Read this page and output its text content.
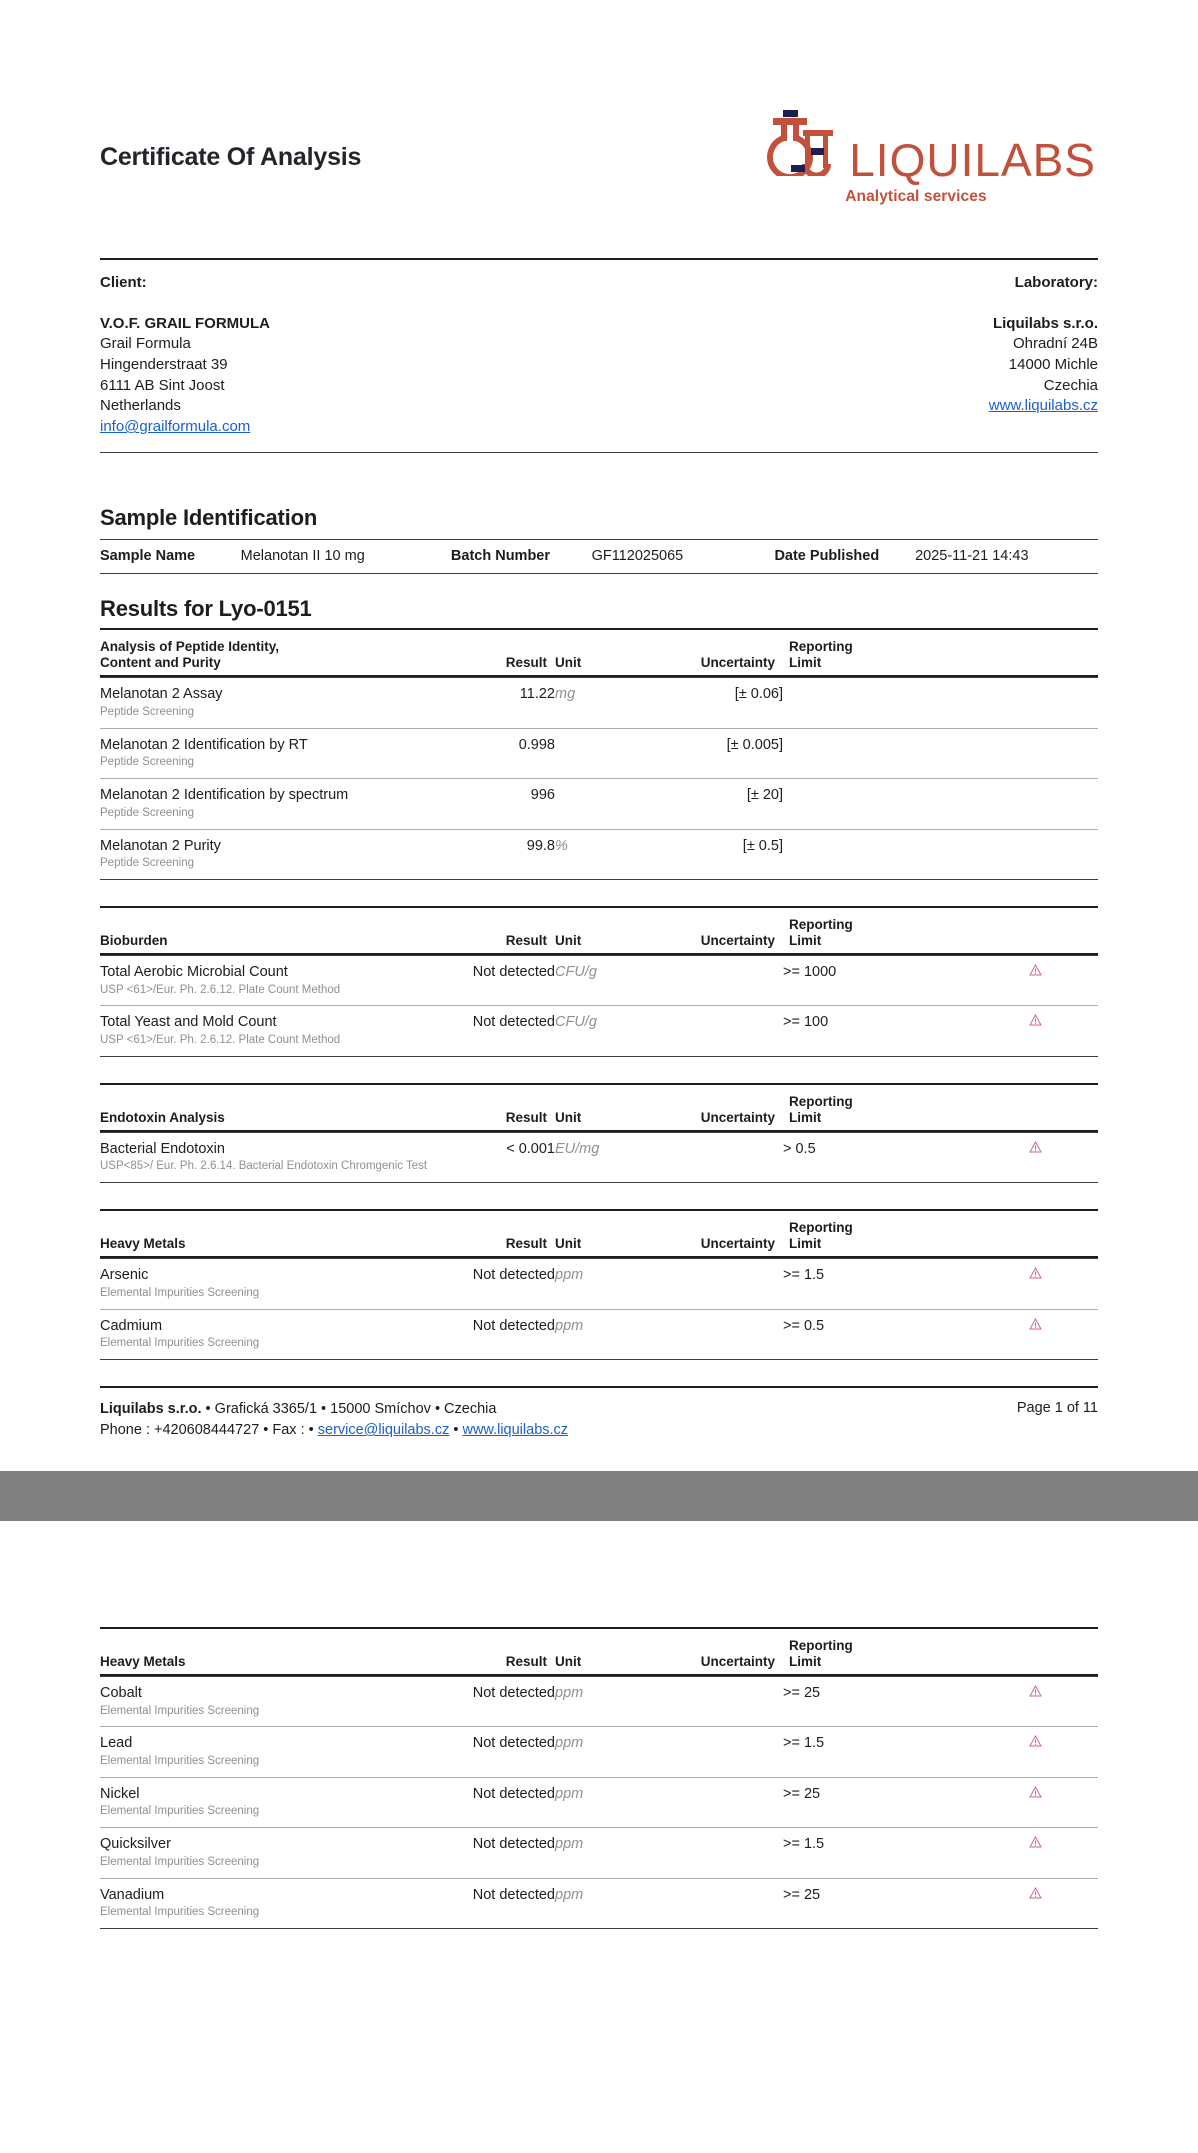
Certificate Of Analysis	LIQUILABS
Analytical services
Client:
V.O.F. GRAIL FORMULA
Grail Formula
Hingenderstraat 39
6111 AB Sint Joost
Netherlands
info@grailformula.com
Laboratory:
Liquilabs s.r.o.
Ohradní 24B
14000 Michle
Czechia
www.liquilabs.cz
Sample Identification
Sample Name	Melanotan II 10 mg		Batch Number	GF112025065	Date Published	2025-11-21 14:43
Results for Lyo-0151
Analysis of Peptide Identity,
Content and Purity	Result	Unit	Uncertainty	Reporting
Limit	

Melanotan 2 Assay
Peptide Screening	11.22	mg	[± 0.06]		

Melanotan 2 Identification by RT
Peptide Screening	0.998		[± 0.005]		

Melanotan 2 Identification by spectrum
Peptide Screening	996		[± 20]		

Melanotan 2 Purity
Peptide Screening	99.8	%	[± 0.5]		
Bioburden	Result	Unit	Uncertainty	Reporting
Limit	

Total Aerobic Microbial Count
USP <61>/Eur. Ph. 2.6.12. Plate Count Method	Not detected	CFU/g		>= 1000	

Total Yeast and Mold Count
USP <61>/Eur. Ph. 2.6.12. Plate Count Method	Not detected	CFU/g		>= 100	
Endotoxin Analysis	Result	Unit	Uncertainty	Reporting
Limit	

Bacterial Endotoxin
USP<85>/ Eur. Ph. 2.6.14. Bacterial Endotoxin Chromgenic Test	< 0.001	EU/mg		> 0.5	
Heavy Metals	Result	Unit	Uncertainty	Reporting
Limit	

Arsenic
Elemental Impurities Screening	Not detected	ppm		>= 1.5	

Cadmium
Elemental Impurities Screening	Not detected	ppm		>= 0.5	
Liquilabs s.r.o. • Grafická 3365/1 • 15000 Smíchov • Czechia
Phone : +420608444727 • Fax : • service@liquilabs.cz • www.liquilabs.cz
Page 1 of 11
Heavy Metals	Result	Unit	Uncertainty	Reporting
Limit	

Cobalt
Elemental Impurities Screening	Not detected	ppm		>= 25	

Lead
Elemental Impurities Screening	Not detected	ppm		>= 1.5	

Nickel
Elemental Impurities Screening	Not detected	ppm		>= 25	

Quicksilver
Elemental Impurities Screening	Not detected	ppm		>= 1.5	

Vanadium
Elemental Impurities Screening	Not detected	ppm		>= 25	
